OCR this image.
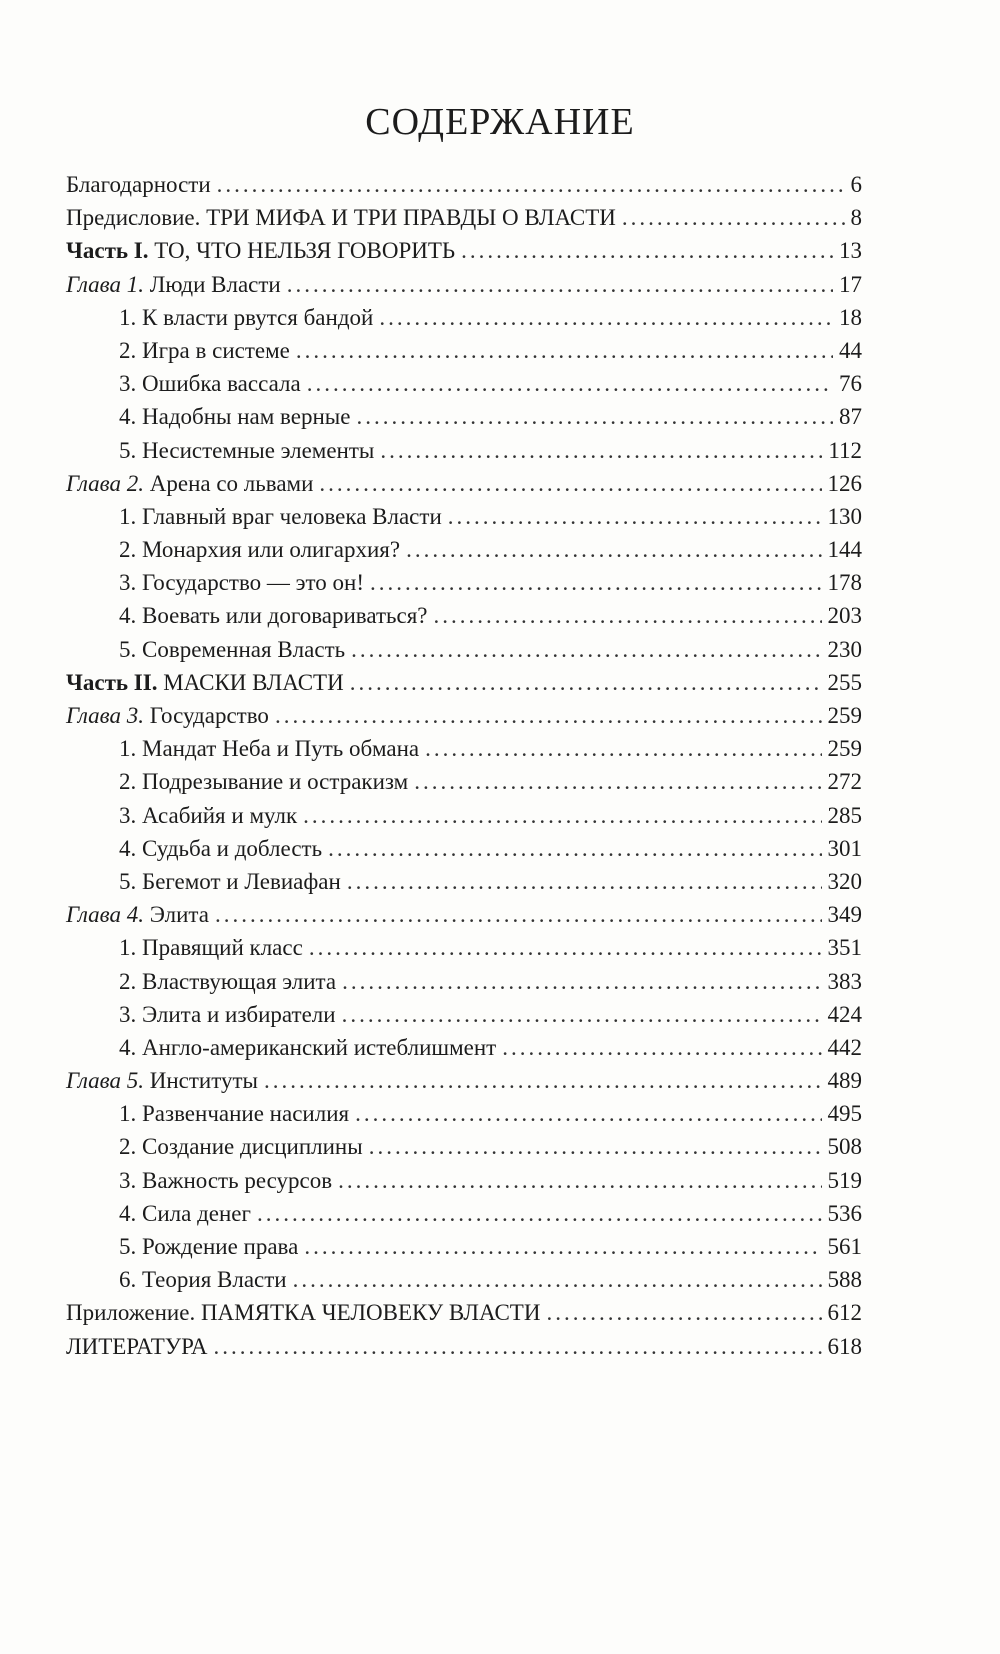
СОДЕРЖАНИЕ
Благодарности .....	6
Предисловие. ТРИ МИФА И ТРИ ПРАВДЫ О ВЛАСТИ .....	8
Часть I. ТО, ЧТО НЕЛЬЗЯ ГОВОРИТЬ .....	13
Глава 1. Люди Власти .....	17
1. К власти рвутся бандой .....	18
2. Игра в системе .....	44
3. Ошибка вассала .....	76
4. Надобны нам верные .....	87
5. Несистемные элементы .....	112
Глава 2. Арена со львами .....	126
1. Главный враг человека Власти .....	130
2. Монархия или олигархия? .....	144
3. Государство — это он! .....	178
4. Воевать или договариваться? .....	203
5. Современная Власть .....	230
Часть II. МАСКИ ВЛАСТИ .....	255
Глава 3. Государство .....	259
1. Мандат Неба и Путь обмана .....	259
2. Подрезывание и остракизм .....	272
3. Асабийя и мулк .....	285
4. Судьба и доблесть .....	301
5. Бегемот и Левиафан .....	320
Глава 4. Элита .....	349
1. Правящий класс .....	351
2. Властвующая элита .....	383
3. Элита и избиратели .....	424
4. Англо-американский истеблишмент .....	442
Глава 5. Институты .....	489
1. Развенчание насилия .....	495
2. Создание дисциплины .....	508
3. Важность ресурсов .....	519
4. Сила денег .....	536
5. Рождение права .....	561
6. Теория Власти .....	588
Приложение. ПАМЯТКА ЧЕЛОВЕКУ ВЛАСТИ .....	612
ЛИТЕРАТУРА .....	618
